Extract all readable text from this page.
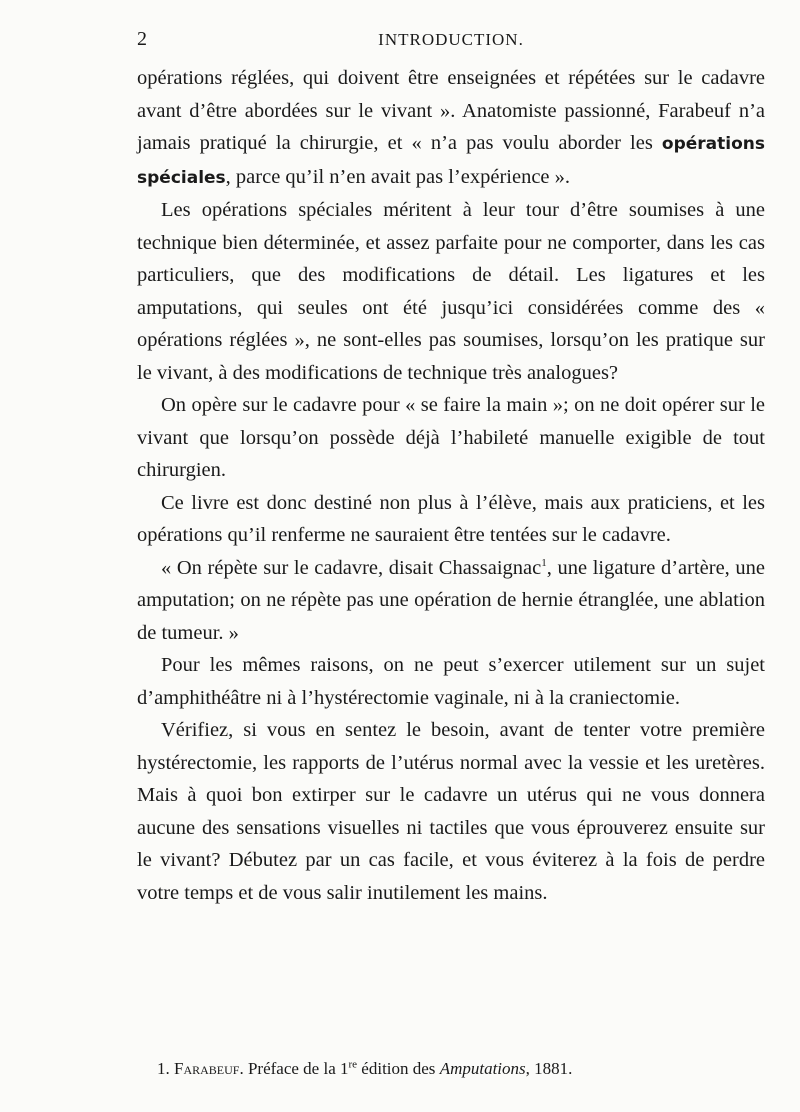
2	INTRODUCTION.

opérations réglées, qui doivent être enseignées et répétées sur le cadavre avant d’être abordées sur le vivant ». Anatomiste passionné, Farabeuf n’a jamais pratiqué la chirurgie, et « n’a pas voulu aborder les opérations spéciales, parce qu’il n’en avait pas l’expérience ».

Les opérations spéciales méritent à leur tour d’être soumises à une technique bien déterminée, et assez parfaite pour ne comporter, dans les cas particuliers, que des modifications de détail. Les ligatures et les amputations, qui seules ont été jusqu’ici considérées comme des « opérations réglées », ne sont-elles pas soumises, lorsqu’on les pratique sur le vivant, à des modifications de technique très analogues?

On opère sur le cadavre pour « se faire la main »; on ne doit opérer sur le vivant que lorsqu’on possède déjà l’habileté manuelle exigible de tout chirurgien.

Ce livre est donc destiné non plus à l’élève, mais aux praticiens, et les opérations qu’il renferme ne sauraient être tentées sur le cadavre.

« On répète sur le cadavre, disait Chassaignac$^1$, une ligature d’artère, une amputation; on ne répète pas une opération de hernie étranglée, une ablation de tumeur. »

Pour les mêmes raisons, on ne peut s’exercer utilement sur un sujet d’amphithéâtre ni à l’hystérectomie vaginale, ni à la craniectomie.

Vérifiez, si vous en sentez le besoin, avant de tenter votre première hystérectomie, les rapports de l’utérus normal avec la vessie et les uretères. Mais à quoi bon extirper sur le cadavre un utérus qui ne vous donnera aucune des sensations visuelles ni tactiles que vous éprouverez ensuite sur le vivant? Débutez par un cas facile, et vous éviterez à la fois de perdre votre temps et de vous salir inutilement les mains.

1. Farabeuf. Préface de la 1re édition des Amputations, 1881.
